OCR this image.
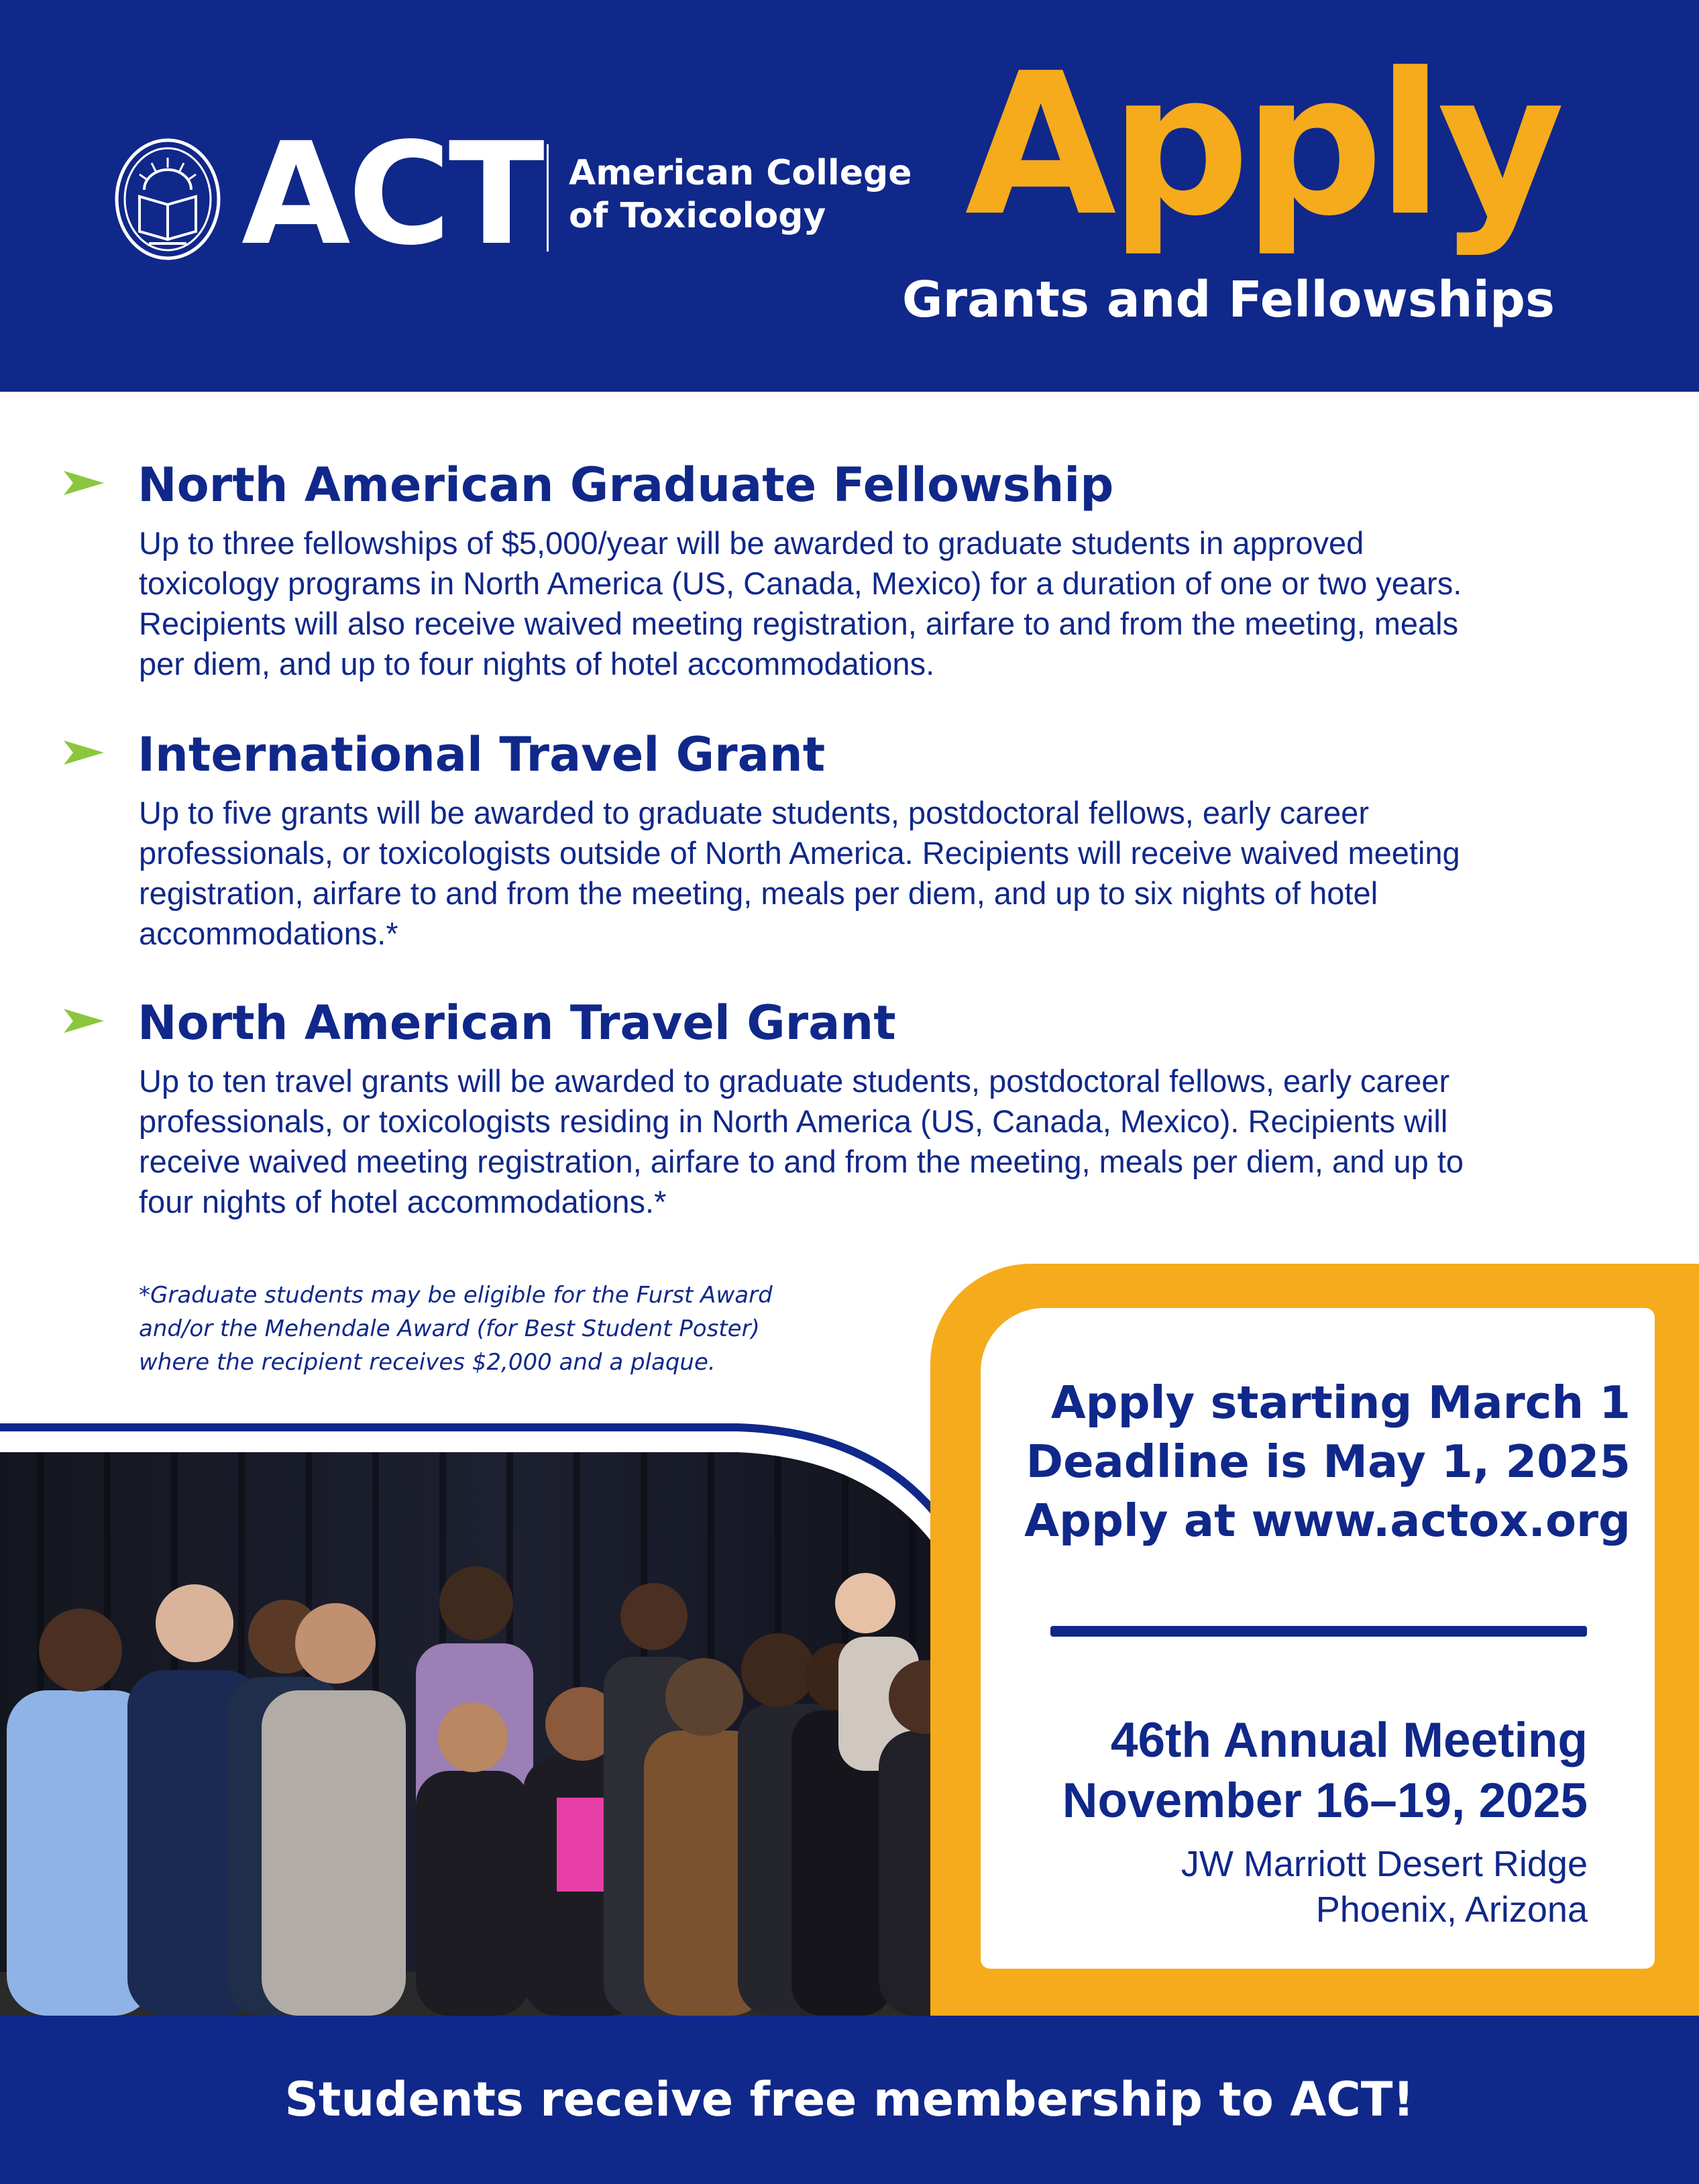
ACT American College
of Toxicology Apply
Grants and Fellowships
North American Graduate Fellowship
Up to three fellowships of $5,000/year will be awarded to graduate students in approved
toxicology programs in North America (US, Canada, Mexico) for a duration of one or two years.
Recipients will also receive waived meeting registration, airfare to and from the meeting, meals
per diem, and up to four nights of hotel accommodations.
International Travel Grant
Up to five grants will be awarded to graduate students, postdoctoral fellows, early career
professionals, or toxicologists outside of North America. Recipients will receive waived meeting
registration, airfare to and from the meeting, meals per diem, and up to six nights of hotel
accommodations.*
North American Travel Grant
Up to ten travel grants will be awarded to graduate students, postdoctoral fellows, early career
professionals, or toxicologists residing in North America (US, Canada, Mexico). Recipients will
receive waived meeting registration, airfare to and from the meeting, meals per diem, and up to
four nights of hotel accommodations.*
*Graduate students may be eligible for the Furst Award
and/or the Mehendale Award (for Best Student Poster)
where the recipient receives $2,000 and a plaque.
Apply starting March 1
Deadline is May 1, 2025
Apply at www.actox.org
46th Annual Meeting
November 16–19, 2025
JW Marriott Desert Ridge
Phoenix, Arizona
Students receive free membership to ACT!
